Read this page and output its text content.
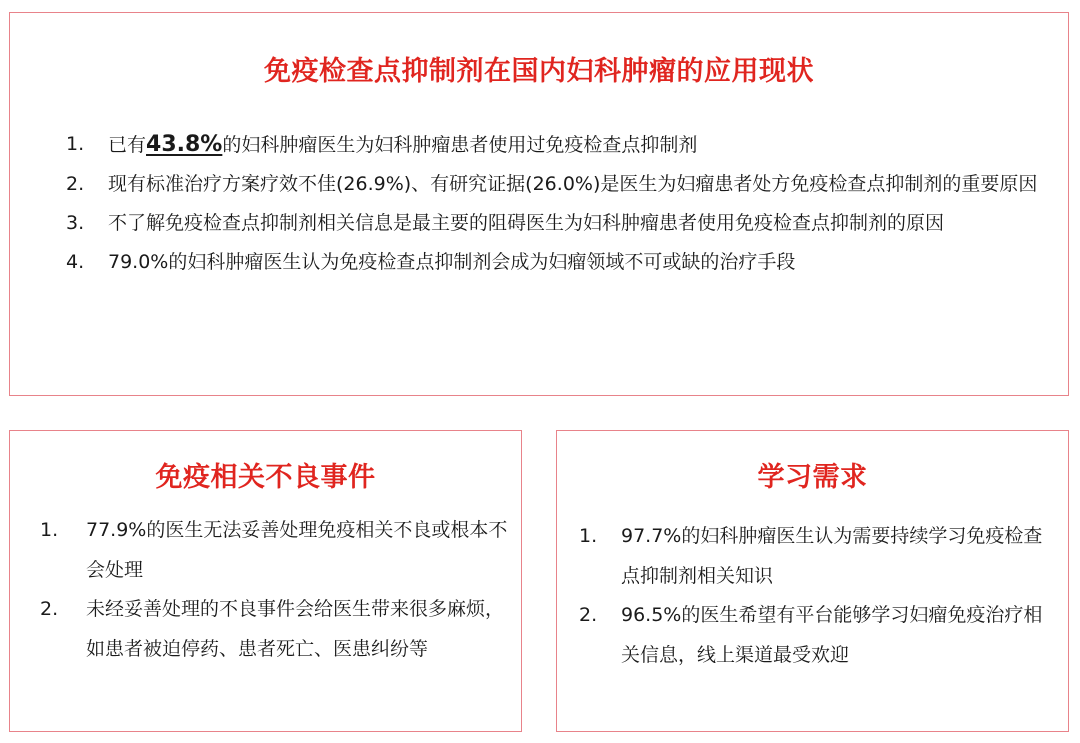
免疫检查点抑制剂在国内妇科肿瘤的应用现状
1.	已有43.8%的妇科肿瘤医生为妇科肿瘤患者使用过免疫检查点抑制剂
2.	现有标准治疗方案疗效不佳(26.9%)、有研究证据(26.0%)是医生为妇瘤患者处方免疫检查点抑制剂的重要原因
3.	不了解免疫检查点抑制剂相关信息是最主要的阻碍医生为妇科肿瘤患者使用免疫检查点抑制剂的原因
4.	79.0%的妇科肿瘤医生认为免疫检查点抑制剂会成为妇瘤领域不可或缺的治疗手段
免疫相关不良事件
1.	77.9%的医生无法妥善处理免疫相关不良或根本不会处理
2.	未经妥善处理的不良事件会给医生带来很多麻烦，如患者被迫停药、患者死亡、医患纠纷等
学习需求
1.	97.7%的妇科肿瘤医生认为需要持续学习免疫检查点抑制剂相关知识
2.	96.5%的医生希望有平台能够学习妇瘤免疫治疗相关信息，线上渠道最受欢迎
